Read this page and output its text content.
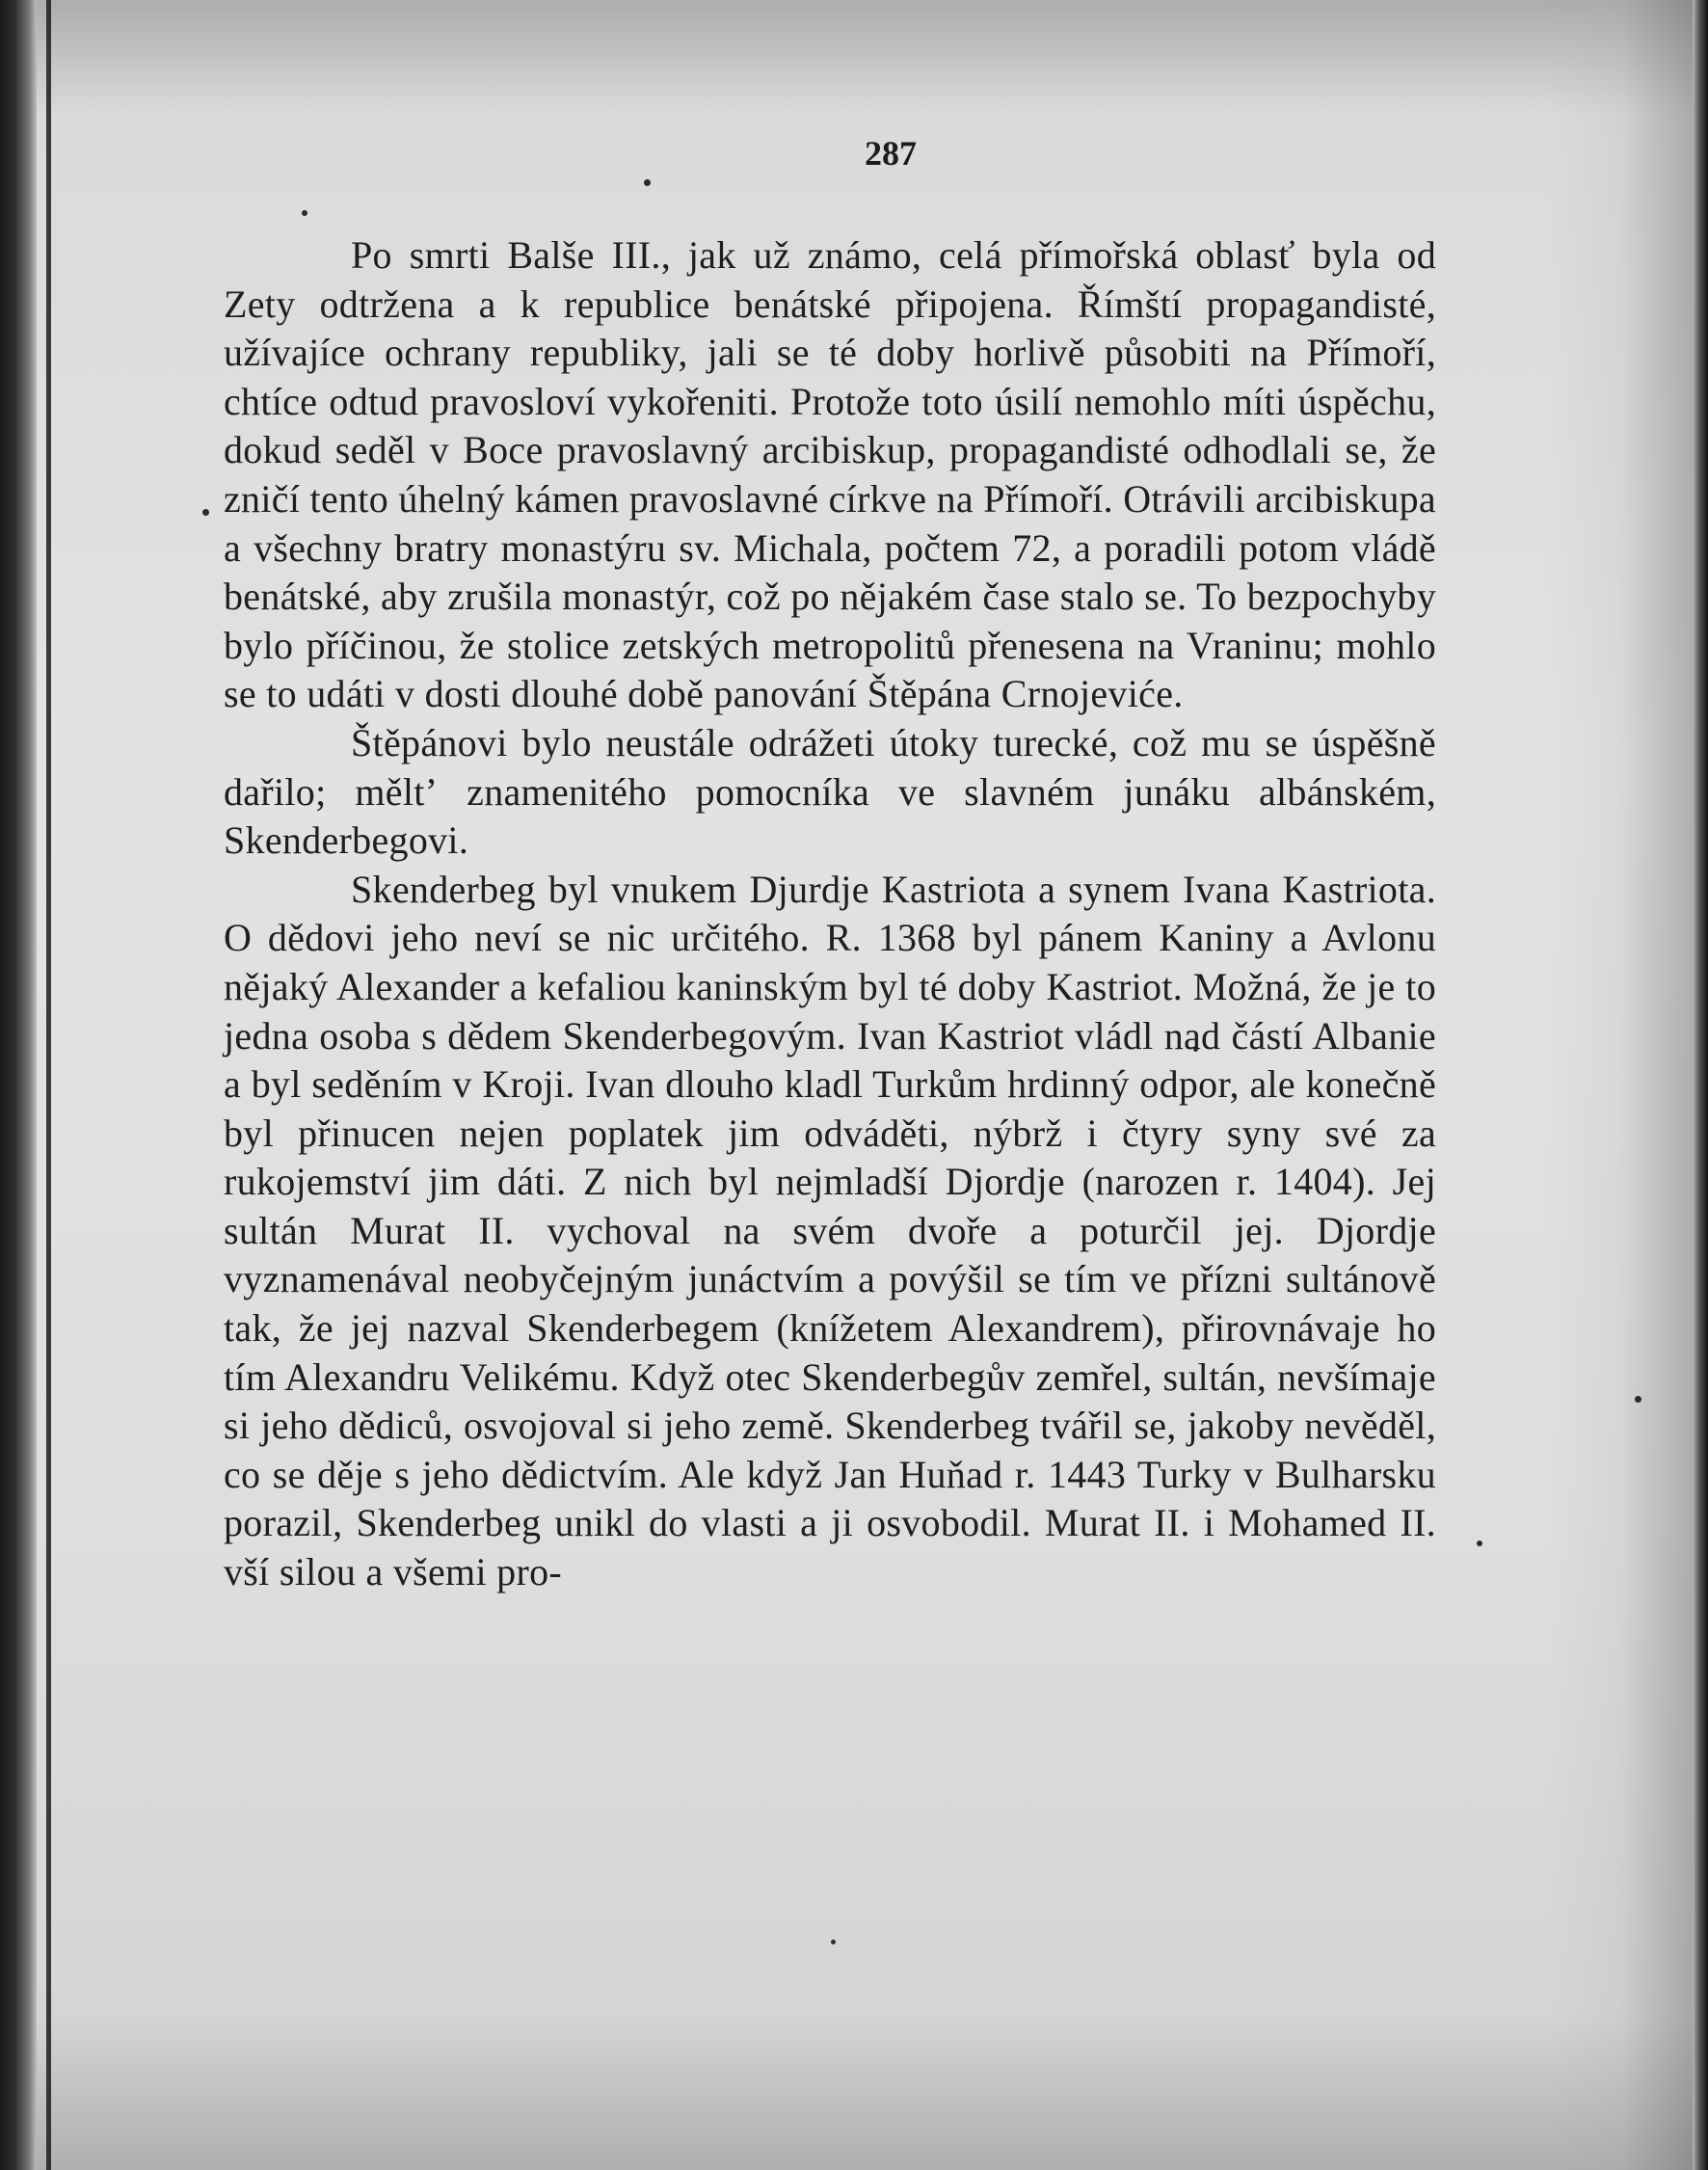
287

Po smrti Balše III., jak už známo, celá přímořská oblasť byla od Zety odtržena a k republice benátské připojena. Římští propagandisté, užívajíce ochrany republiky, jali se té doby horlivě působiti na Přímoří, chtíce odtud pravosloví vykořeniti. Protože toto úsilí nemohlo míti úspěchu, dokud seděl v Boce pravoslavný arcibiskup, propagandisté odhodlali se, že zničí tento úhelný kámen pravoslavné církve na Přímoří. Otrávili arcibiskupa a všechny bratry monastýru sv. Michala, počtem 72, a poradili potom vládě benátské, aby zrušila monastýr, což po nějakém čase stalo se. To bezpochyby bylo příčinou, že stolice zetských metropolitů přenesena na Vraninu; mohlo se to udáti v dosti dlouhé době panování Štěpána Crnojeviće.

Štěpánovi bylo neustále odrážeti útoky turecké, což mu se úspěšně dařilo; měltʼ znamenitého pomocníka ve slavném junáku albánském, Skenderbegovi.

Skenderbeg byl vnukem Djurdje Kastriota a synem Ivana Kastriota. O dědovi jeho neví se nic určitého. R. 1368 byl pánem Kaniny a Avlonu nějaký Alexander a kefaliou kaninským byl té doby Kastriot. Možná, že je to jedna osoba s dědem Skenderbegovým. Ivan Kastriot vládl nad částí Albanie a byl seděním v Kroji. Ivan dlouho kladl Turkům hrdinný odpor, ale konečně byl přinucen nejen poplatek jim odváděti, nýbrž i čtyry syny své za rukojemství jim dáti. Z nich byl nejmladší Djordje (narozen r. 1404). Jej sultán Murat II. vychoval na svém dvoře a poturčil jej. Djordje vyznamenával neobyčejným junáctvím a povýšil se tím ve přízni sultánově tak, že jej nazval Skenderbegem (knížetem Alexandrem), přirovnávaje ho tím Alexandru Velikému. Když otec Skenderbegův zemřel, sultán, nevšímaje si jeho dědiců, osvojoval si jeho země. Skenderbeg tvářil se, jakoby nevěděl, co se děje s jeho dědictvím. Ale když Jan Huňad r. 1443 Turky v Bulharsku porazil, Skenderbeg unikl do vlasti a ji osvobodil. Murat II. i Mohamed II. vší silou a všemi pro-
